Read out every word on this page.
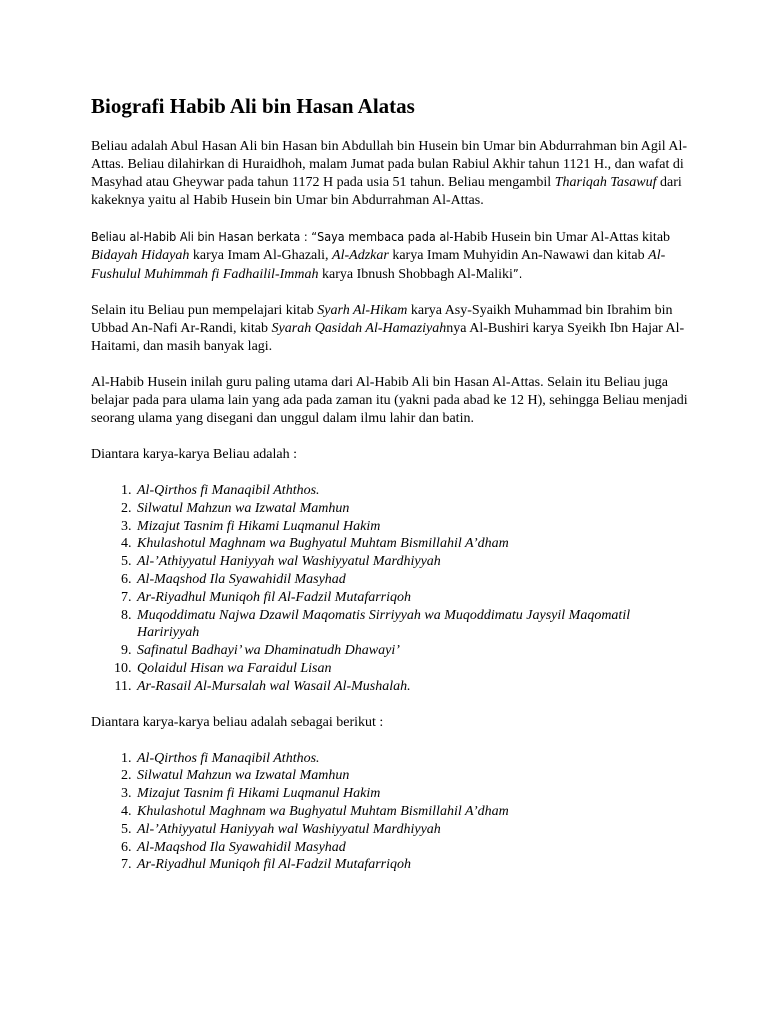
Biografi Habib Ali bin Hasan Alatas

Beliau adalah Abul Hasan Ali bin Hasan bin Abdullah bin Husein bin Umar bin Abdurrahman bin Agil Al-Attas. Beliau dilahirkan di Huraidhoh, malam Jumat pada bulan Rabiul Akhir tahun 1121 H., dan wafat di Masyhad atau Gheywar pada tahun 1172 H pada usia 51 tahun. Beliau mengambil Thariqah Tasawuf dari kakeknya yaitu al Habib Husein bin Umar bin Abdurrahman Al-Attas.

Beliau al-Habib Ali bin Hasan berkata : “Saya membaca pada al-Habib Husein bin Umar Al-Attas kitab Bidayah Hidayah karya Imam Al-Ghazali, Al-Adzkar karya Imam Muhyidin An-Nawawi dan kitab Al-Fushulul Muhimmah fi Fadhailil-Immah karya Ibnush Shobbagh Al-Maliki”.

Selain itu Beliau pun mempelajari kitab Syarh Al-Hikam karya Asy-Syaikh Muhammad bin Ibrahim bin Ubbad An-Nafi Ar-Randi, kitab Syarah Qasidah Al-Hamaziyahnya Al-Bushiri karya Syeikh Ibn Hajar Al-Haitami, dan masih banyak lagi.

Al-Habib Husein inilah guru paling utama dari Al-Habib Ali bin Hasan Al-Attas. Selain itu Beliau juga belajar pada para ulama lain yang ada pada zaman itu (yakni pada abad ke 12 H), sehingga Beliau menjadi seorang ulama yang disegani dan unggul dalam ilmu lahir dan batin.

Diantara karya-karya Beliau adalah :

1. Al-Qirthos fi Manaqibil Aththos.
2. Silwatul Mahzun wa Izwatal Mamhun
3. Mizajut Tasnim fi Hikami Luqmanul Hakim
4. Khulashotul Maghnam wa Bughyatul Muhtam Bismillahil A’dham
5. Al-’Athiyyatul Haniyyah wal Washiyyatul Mardhiyyah
6. Al-Maqshod Ila Syawahidil Masyhad
7. Ar-Riyadhul Muniqoh fil Al-Fadzil Mutafarriqoh
8. Muqoddimatu Najwa Dzawil Maqomatis Sirriyyah wa Muqoddimatu Jaysyil Maqomatil Haririyyah
9. Safinatul Badhayi’ wa Dhaminatudh Dhawayi’
10. Qolaidul Hisan wa Faraidul Lisan
11. Ar-Rasail Al-Mursalah wal Wasail Al-Mushalah.

Diantara karya-karya beliau adalah sebagai berikut :

1. Al-Qirthos fi Manaqibil Aththos.
2. Silwatul Mahzun wa Izwatal Mamhun
3. Mizajut Tasnim fi Hikami Luqmanul Hakim
4. Khulashotul Maghnam wa Bughyatul Muhtam Bismillahil A’dham
5. Al-’Athiyyatul Haniyyah wal Washiyyatul Mardhiyyah
6. Al-Maqshod Ila Syawahidil Masyhad
7. Ar-Riyadhul Muniqoh fil Al-Fadzil Mutafarriqoh
